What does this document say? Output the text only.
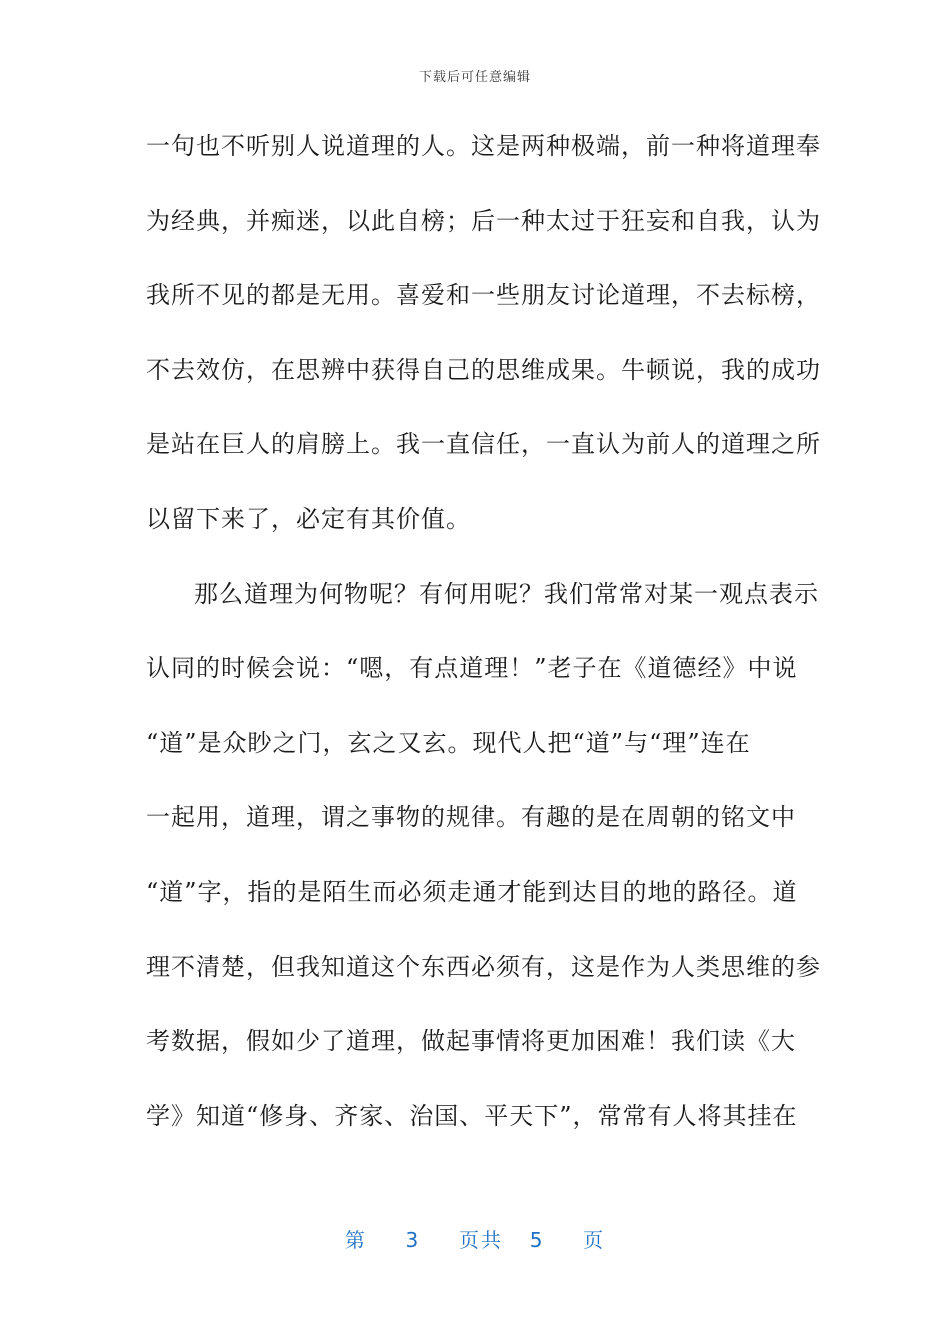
下载后可任意编辑
一句也不听别人说道理的人。这是两种极端，前一种将道理奉
为经典，并痴迷，以此自榜；后一种太过于狂妄和自我，认为
我所不见的都是无用。喜爱和一些朋友讨论道理，不去标榜，
不去效仿，在思辨中获得自己的思维成果。牛顿说，我的成功
是站在巨人的肩膀上。我一直信任，一直认为前人的道理之所
以留下来了，必定有其价值。
那么道理为何物呢？有何用呢？我们常常对某一观点表示
认同的时候会说：“嗯，有点道理！”老子在《道德经》中说
“道”是众眇之门，玄之又玄。现代人把“道”与“理”连在
一起用，道理，谓之事物的规律。有趣的是在周朝的铭文中
“道”字，指的是陌生而必须走通才能到达目的地的路径。道
理不清楚，但我知道这个东西必须有，这是作为人类思维的参
考数据，假如少了道理，做起事情将更加困难！我们读《大
学》知道“修身、齐家、治国、平天下”，常常有人将其挂在
第 3 页共 5 页
